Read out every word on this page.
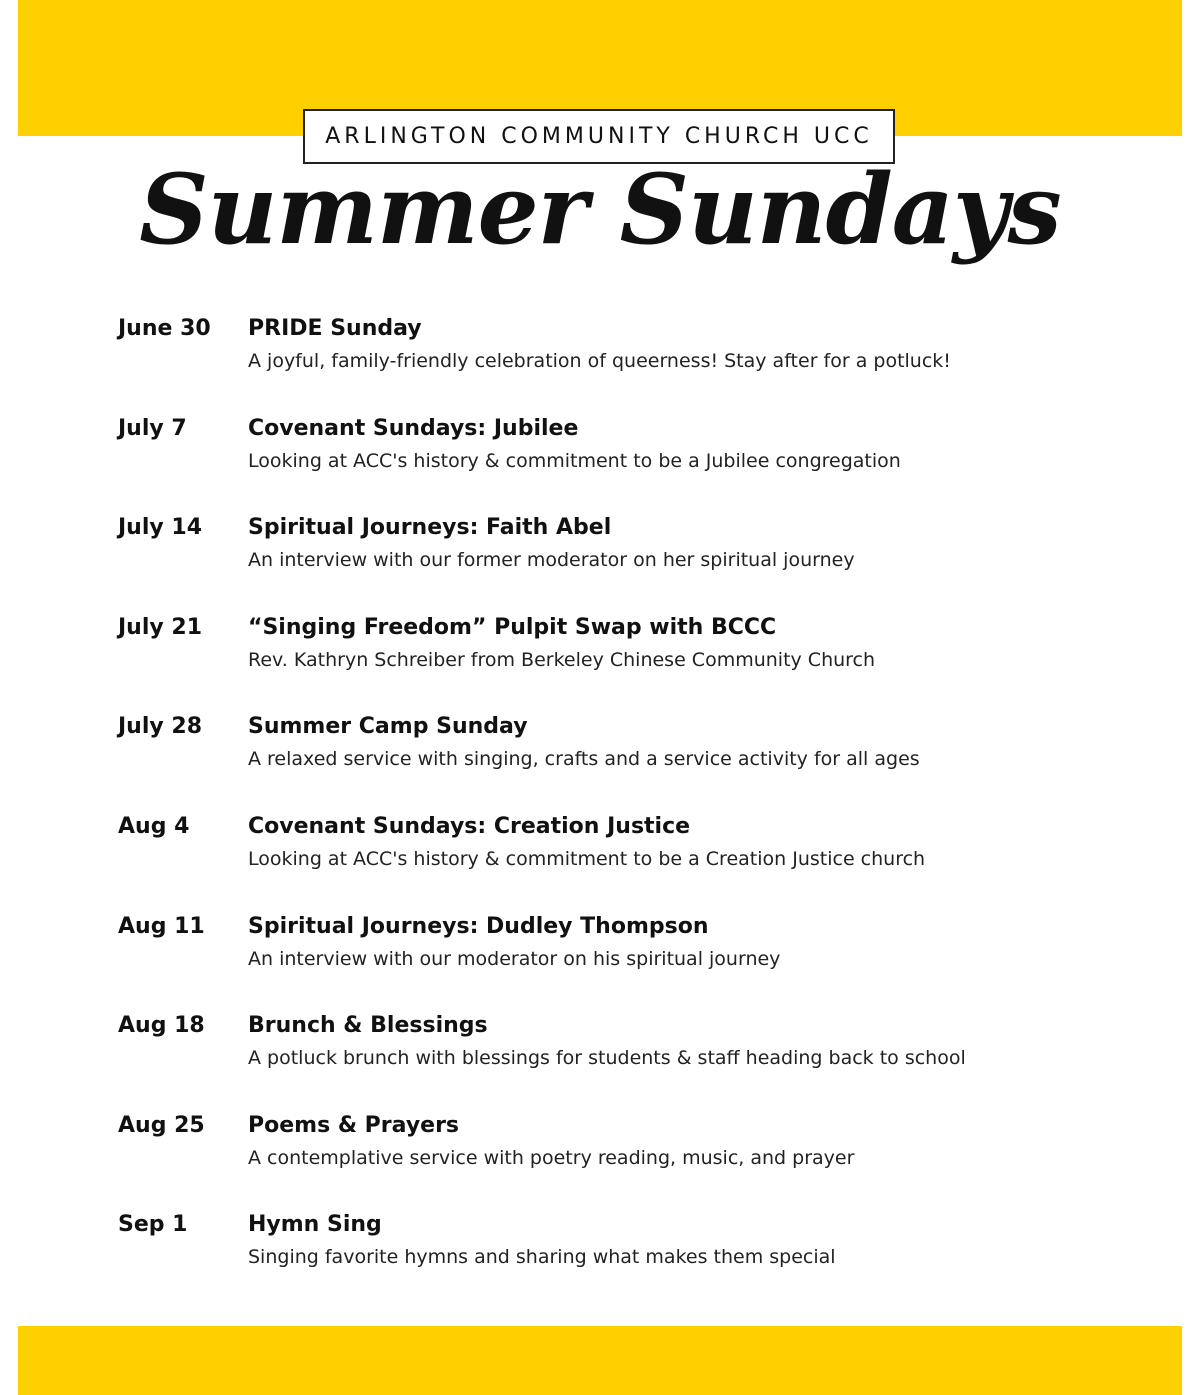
ARLINGTON COMMUNITY CHURCH UCC
Summer Sundays
June 30	PRIDE Sunday
A joyful, family-friendly celebration of queerness! Stay after for a potluck!
July 7	Covenant Sundays: Jubilee
Looking at ACC's history & commitment to be a Jubilee congregation
July 14	Spiritual Journeys: Faith Abel
An interview with our former moderator on her spiritual journey
July 21	“Singing Freedom” Pulpit Swap with BCCC
Rev. Kathryn Schreiber from Berkeley Chinese Community Church
July 28	Summer Camp Sunday
A relaxed service with singing, crafts and a service activity for all ages
Aug 4	Covenant Sundays: Creation Justice
Looking at ACC's history & commitment to be a Creation Justice church
Aug 11	Spiritual Journeys: Dudley Thompson
An interview with our moderator on his spiritual journey
Aug 18	Brunch & Blessings
A potluck brunch with blessings for students & staff heading back to school
Aug 25	Poems & Prayers
A contemplative service with poetry reading, music, and prayer
Sep 1	Hymn Sing
Singing favorite hymns and sharing what makes them special
